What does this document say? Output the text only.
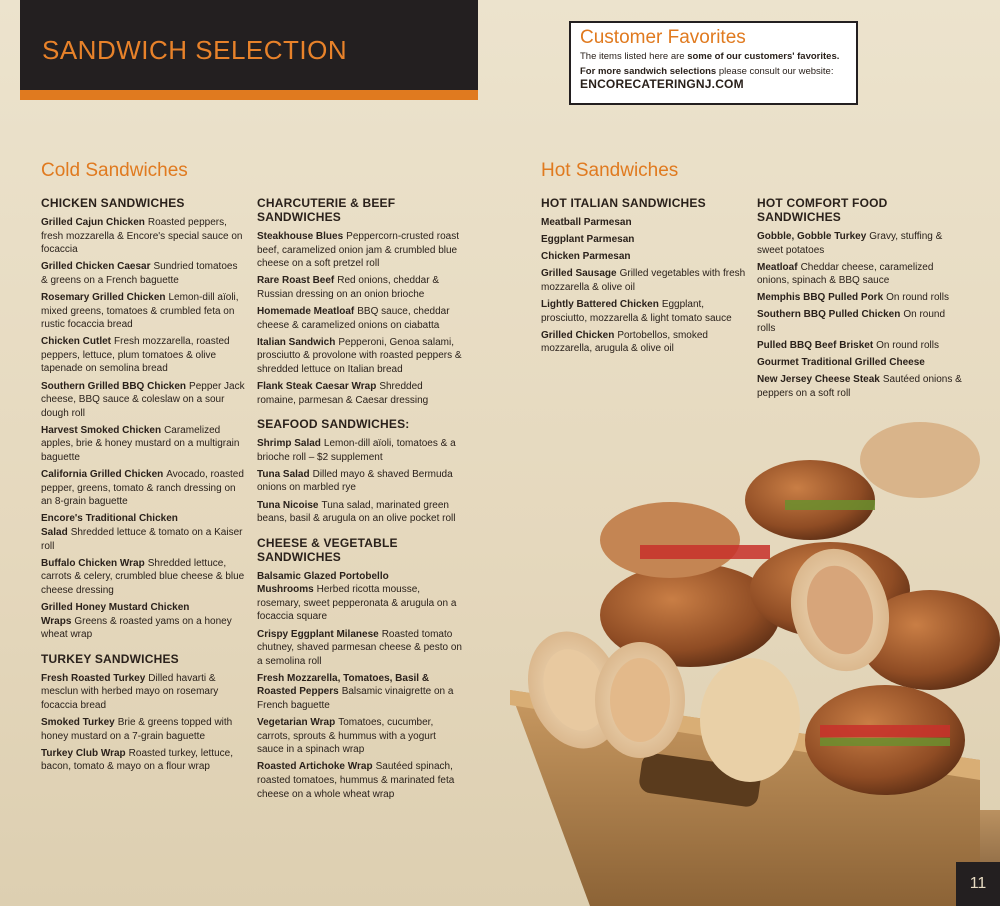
SANDWICH SELECTION	Customer Favorites
The items listed here are some of our customers' favorites.
For more sandwich selections please consult our website:
ENCORECATERINGNJ.COM
Cold Sandwiches	Hot Sandwiches
CHICKEN SANDWICHES
Grilled Cajun Chicken Roasted peppers, fresh mozzarella & Encore's special sauce on focaccia
Grilled Chicken Caesar Sundried tomatoes & greens on a French baguette
Rosemary Grilled Chicken Lemon-dill aïoli, mixed greens, tomatoes & crumbled feta on rustic focaccia bread
Chicken Cutlet Fresh mozzarella, roasted peppers, lettuce, plum tomatoes & olive tapenade on semolina bread
Southern Grilled BBQ Chicken Pepper Jack cheese, BBQ sauce & coleslaw on a sour dough roll
Harvest Smoked Chicken Caramelized apples, brie & honey mustard on a multigrain baguette
California Grilled Chicken Avocado, roasted pepper, greens, tomato & ranch dressing on an 8-grain baguette
Encore's Traditional Chicken Salad Shredded lettuce & tomato on a Kaiser roll
Buffalo Chicken Wrap Shredded lettuce, carrots & celery, crumbled blue cheese & blue cheese dressing
Grilled Honey Mustard Chicken Wraps Greens & roasted yams on a honey wheat wrap
TURKEY SANDWICHES
Fresh Roasted Turkey Dilled havarti & mesclun with herbed mayo on rosemary focaccia bread
Smoked Turkey Brie & greens topped with honey mustard on a 7-grain baguette
Turkey Club Wrap Roasted turkey, lettuce, bacon, tomato & mayo on a flour wrap
CHARCUTERIE & BEEF SANDWICHES
Steakhouse Blues Peppercorn-crusted roast beef, caramelized onion jam & crumbled blue cheese on a soft pretzel roll
Rare Roast Beef Red onions, cheddar & Russian dressing on an onion brioche
Homemade Meatloaf BBQ sauce, cheddar cheese & caramelized onions on ciabatta
Italian Sandwich Pepperoni, Genoa salami, prosciutto & provolone with roasted peppers & shredded lettuce on Italian bread
Flank Steak Caesar Wrap Shredded romaine, parmesan & Caesar dressing
SEAFOOD SANDWICHES:
Shrimp Salad Lemon-dill aïoli, tomatoes & a brioche roll – $2 supplement
Tuna Salad Dilled mayo & shaved Bermuda onions on marbled rye
Tuna Nicoise Tuna salad, marinated green beans, basil & arugula on an olive pocket roll
CHEESE & VEGETABLE SANDWICHES
Balsamic Glazed Portobello Mushrooms Herbed ricotta mousse, rosemary, sweet pepperonata & arugula on a focaccia square
Crispy Eggplant Milanese Roasted tomato chutney, shaved parmesan cheese & pesto on a semolina roll
Fresh Mozzarella, Tomatoes, Basil & Roasted Peppers Balsamic vinaigrette on a French baguette
Vegetarian Wrap Tomatoes, cucumber, carrots, sprouts & hummus with a yogurt sauce in a spinach wrap
Roasted Artichoke Wrap Sautéed spinach, roasted tomatoes, hummus & marinated feta cheese on a whole wheat wrap
HOT ITALIAN SANDWICHES
Meatball Parmesan
Eggplant Parmesan
Chicken Parmesan
Grilled Sausage Grilled vegetables with fresh mozzarella & olive oil
Lightly Battered Chicken Eggplant, prosciutto, mozzarella & light tomato sauce
Grilled Chicken Portobellos, smoked mozzarella, arugula & olive oil
HOT COMFORT FOOD SANDWICHES
Gobble, Gobble Turkey Gravy, stuffing & sweet potatoes
Meatloaf Cheddar cheese, caramelized onions, spinach & BBQ sauce
Memphis BBQ Pulled Pork On round rolls
Southern BBQ Pulled Chicken On round rolls
Pulled BBQ Beef Brisket On round rolls
Gourmet Traditional Grilled Cheese
New Jersey Cheese Steak Sautéed onions & peppers on a soft roll
11
